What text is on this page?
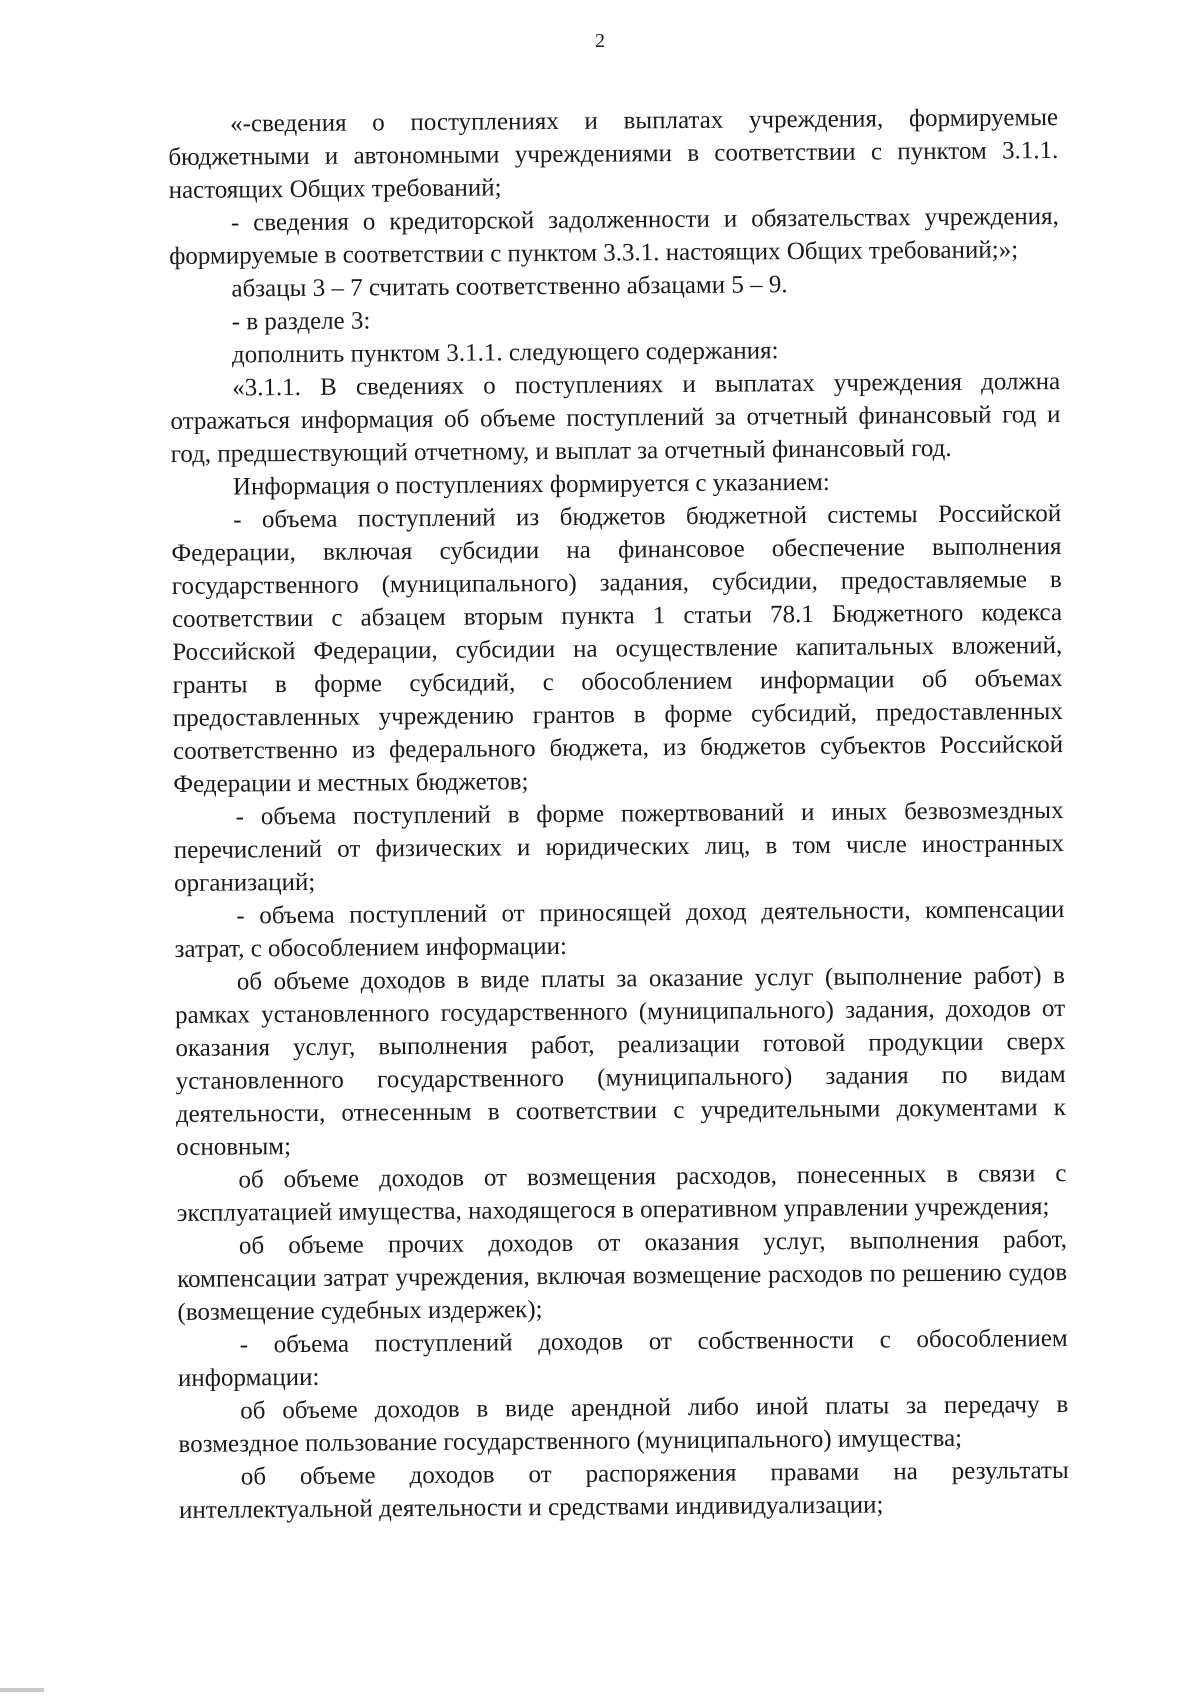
2

«-сведения о поступлениях и выплатах учреждения, формируемые бюджетными и автономными учреждениями в соответствии с пунктом 3.1.1. настоящих Общих требований;

- сведения о кредиторской задолженности и обязательствах учреждения, формируемые в соответствии с пунктом 3.3.1. настоящих Общих требований;»;

абзацы 3 – 7 считать соответственно абзацами 5 – 9.

- в разделе 3:

дополнить пунктом 3.1.1. следующего содержания:

«3.1.1. В сведениях о поступлениях и выплатах учреждения должна отражаться информация об объеме поступлений за отчетный финансовый год и год, предшествующий отчетному, и выплат за отчетный финансовый год.

Информация о поступлениях формируется с указанием:

- объема поступлений из бюджетов бюджетной системы Российской Федерации, включая субсидии на финансовое обеспечение выполнения государственного (муниципального) задания, субсидии, предоставляемые в соответствии с абзацем вторым пункта 1 статьи 78.1 Бюджетного кодекса Российской Федерации, субсидии на осуществление капитальных вложений, гранты в форме субсидий, с обособлением информации об объемах предоставленных учреждению грантов в форме субсидий, предоставленных соответственно из федерального бюджета, из бюджетов субъектов Российской Федерации и местных бюджетов;

- объема поступлений в форме пожертвований и иных безвозмездных перечислений от физических и юридических лиц, в том числе иностранных организаций;

- объема поступлений от приносящей доход деятельности, компенсации затрат, с обособлением информации:

об объеме доходов в виде платы за оказание услуг (выполнение работ) в рамках установленного государственного (муниципального) задания, доходов от оказания услуг, выполнения работ, реализации готовой продукции сверх установленного государственного (муниципального) задания по видам деятельности, отнесенным в соответствии с учредительными документами к основным;

об объеме доходов от возмещения расходов, понесенных в связи с эксплуатацией имущества, находящегося в оперативном управлении учреждения;

об объеме прочих доходов от оказания услуг, выполнения работ, компенсации затрат учреждения, включая возмещение расходов по решению судов (возмещение судебных издержек);

- объема поступлений доходов от собственности с обособлением информации:

об объеме доходов в виде арендной либо иной платы за передачу в возмездное пользование государственного (муниципального) имущества;

об объеме доходов от распоряжения правами на результаты интеллектуальной деятельности и средствами индивидуализации;
